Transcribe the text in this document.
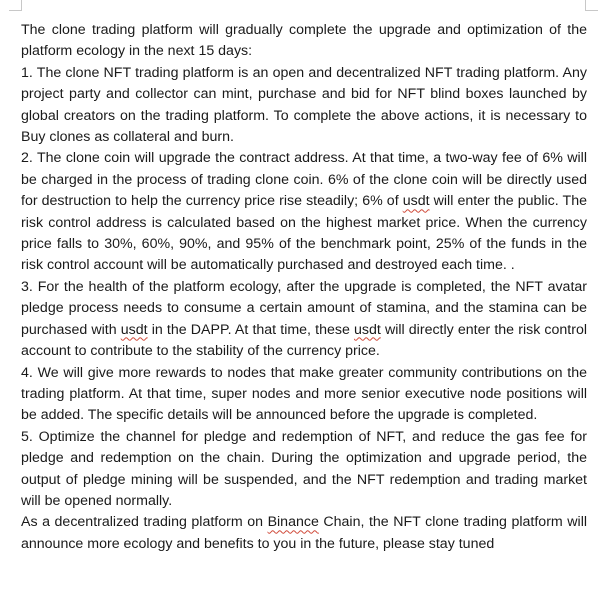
The clone trading platform will gradually complete the upgrade and optimization of the platform ecology in the next 15 days:

1. The clone NFT trading platform is an open and decentralized NFT trading platform. Any project party and collector can mint, purchase and bid for NFT blind boxes launched by global creators on the trading platform. To complete the above actions, it is necessary to Buy clones as collateral and burn.

2. The clone coin will upgrade the contract address. At that time, a two-way fee of 6% will be charged in the process of trading clone coin. 6% of the clone coin will be directly used for destruction to help the currency price rise steadily; 6% of usdt will enter the public. The risk control address is calculated based on the highest market price. When the currency price falls to 30%, 60%, 90%, and 95% of the benchmark point, 25% of the funds in the risk control account will be automatically purchased and destroyed each time. .

3. For the health of the platform ecology, after the upgrade is completed, the NFT avatar pledge process needs to consume a certain amount of stamina, and the stamina can be purchased with usdt in the DAPP. At that time, these usdt will directly enter the risk control account to contribute to the stability of the currency price.

4. We will give more rewards to nodes that make greater community contributions on the trading platform. At that time, super nodes and more senior executive node positions will be added. The specific details will be announced before the upgrade is completed.

5. Optimize the channel for pledge and redemption of NFT, and reduce the gas fee for pledge and redemption on the chain. During the optimization and upgrade period, the output of pledge mining will be suspended, and the NFT redemption and trading market will be opened normally.

As a decentralized trading platform on Binance Chain, the NFT clone trading platform will announce more ecology and benefits to you in the future, please stay tuned
